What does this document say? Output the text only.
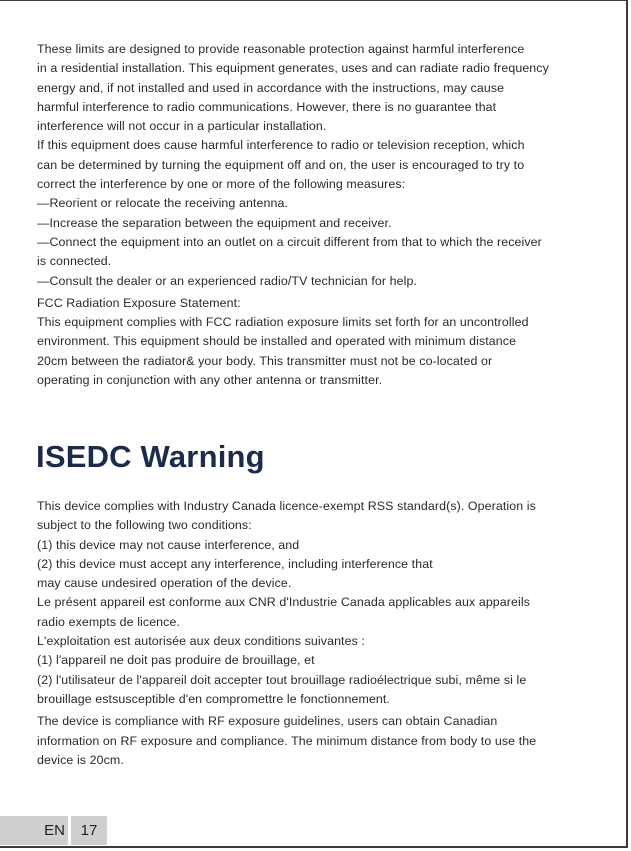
These limits are designed to provide reasonable protection against harmful interference

in a residential installation. This equipment generates, uses and can radiate radio frequency

energy and, if not installed and used in accordance with the instructions, may cause

harmful interference to radio communications. However, there is no guarantee that

interference will not occur in a particular installation.

If this equipment does cause harmful interference to radio or television reception, which

can be determined by turning the equipment off and on, the user is encouraged to try to

correct the interference by one or more of the following measures:

—Reorient or relocate the receiving antenna.

—Increase the separation between the equipment and receiver.

—Connect the equipment into an outlet on a circuit different from that to which the receiver

is connected.

—Consult the dealer or an experienced radio/TV technician for help.

FCC Radiation Exposure Statement:

This equipment complies with FCC radiation exposure limits set forth for an uncontrolled

environment. This equipment should be installed and operated with minimum distance

20cm between the radiator& your body. This transmitter must not be co-located or

operating in conjunction with any other antenna or transmitter.

ISEDC Warning

This device complies with Industry Canada licence-exempt RSS standard(s). Operation is

subject to the following two conditions:

(1) this device may not cause interference, and

(2) this device must accept any interference, including interference that

may cause undesired operation of the device.

Le présent appareil est conforme aux CNR d'Industrie Canada applicables aux appareils

radio exempts de licence.

L'exploitation est autorisée aux deux conditions suivantes :

(1) l'appareil ne doit pas produire de brouillage, et

(2) l'utilisateur de l'appareil doit accepter tout brouillage radioélectrique subi, même si le

brouillage estsusceptible d'en compromettre le fonctionnement.

The device is compliance with RF exposure guidelines, users can obtain Canadian

information on RF exposure and compliance. The minimum distance from body to use the

device is 20cm.

EN	17
